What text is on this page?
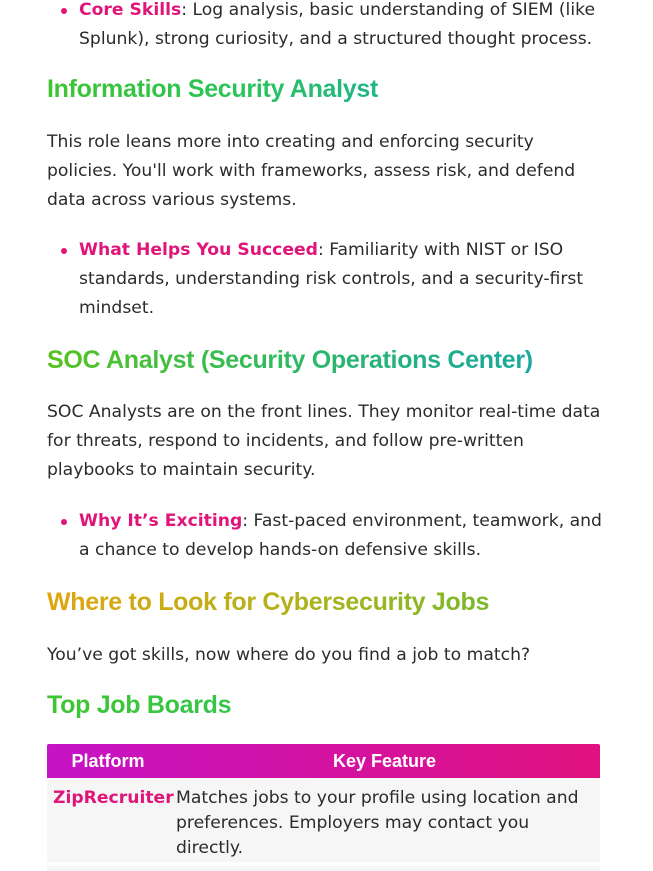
Core Skills: Log analysis, basic understanding of SIEM (like Splunk), strong curiosity, and a structured thought process.
Information Security Analyst

This role leans more into creating and enforcing security policies. You'll work with frameworks, assess risk, and defend data across various systems.

What Helps You Succeed: Familiarity with NIST or ISO standards, understanding risk controls, and a security-first mindset.
SOC Analyst (Security Operations Center)

SOC Analysts are on the front lines. They monitor real-time data for threats, respond to incidents, and follow pre-written playbooks to maintain security.

Why It’s Exciting: Fast-paced environment, teamwork, and a chance to develop hands-on defensive skills.
Where to Look for Cybersecurity Jobs

You’ve got skills, now where do you find a job to match?

Top Job Boards
Platform	Key Feature
ZipRecruiter Matches jobs to your profile using location and preferences. Employers may contact you directly.
